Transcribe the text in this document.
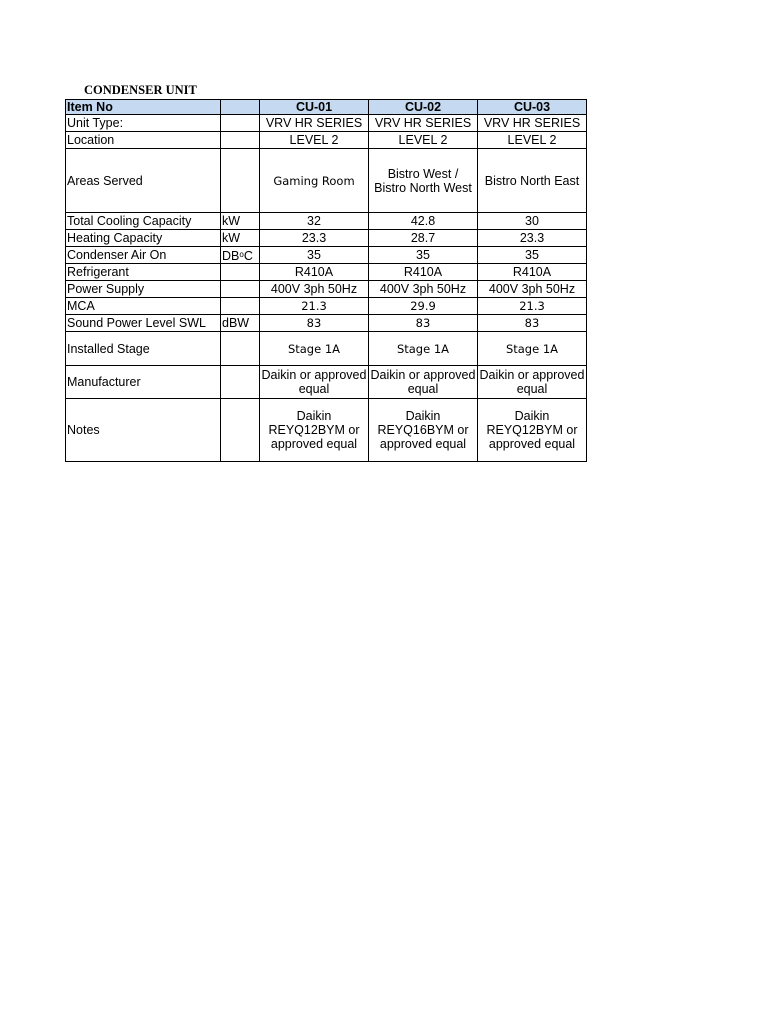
CONDENSER UNIT
Item No		CU-01	CU-02	CU-03
Unit Type:		VRV HR SERIES	VRV HR SERIES	VRV HR SERIES
Location		LEVEL 2	LEVEL 2	LEVEL 2
Areas Served		Gaming Room	Bistro West / Bistro North West	Bistro North East
Total Cooling Capacity	kW	32	42.8	30
Heating Capacity	kW	23.3	28.7	23.3
Condenser Air On	$DB^oC$	35	35	35
Refrigerant		R410A	R410A	R410A
Power Supply		400V 3ph 50Hz	400V 3ph 50Hz	400V 3ph 50Hz
MCA		21.3	29.9	21.3
Sound Power Level SWL	dBW	83	83	83
Installed Stage		Stage 1A	Stage 1A	Stage 1A
Manufacturer		Daikin or approved equal	Daikin or approved equal	Daikin or approved equal
Notes		Daikin REYQ12BYM or approved equal	Daikin REYQ16BYM or approved equal	Daikin REYQ12BYM or approved equal
